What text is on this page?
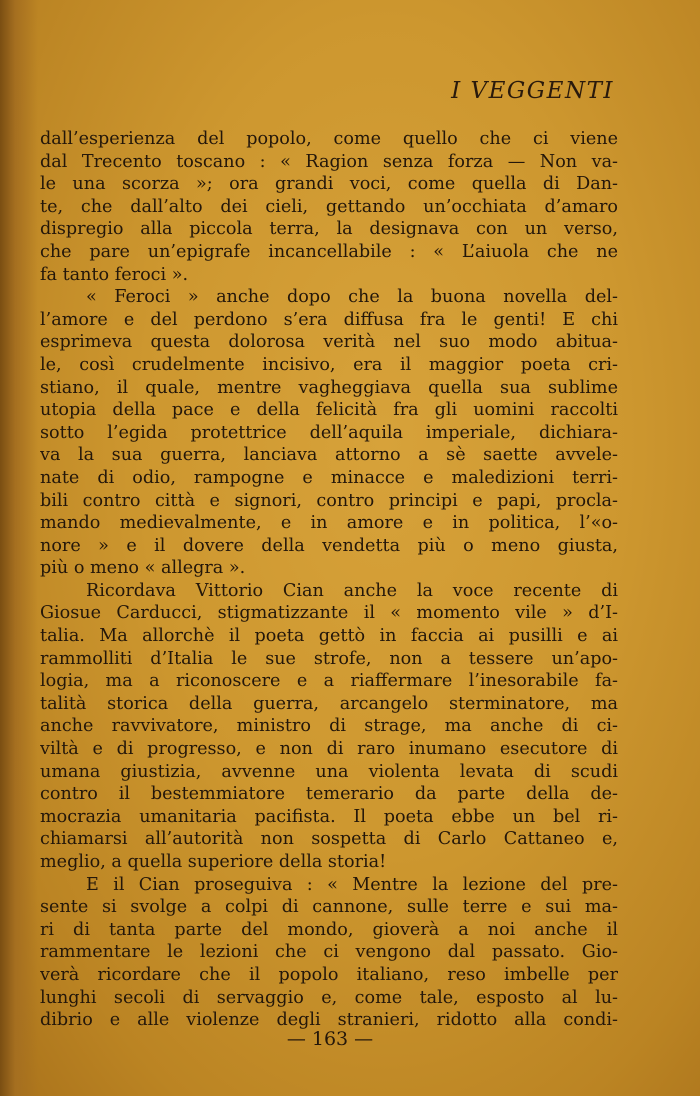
I VEGGENTI
dall’esperienza del popolo, come quello che ci viene
dal Trecento toscano : « Ragion senza forza — Non va-
le una scorza »; ora grandi voci, come quella di Dan-
te, che dall’alto dei cieli, gettando un’occhiata d’amaro
dispregio alla piccola terra, la designava con un verso,
che pare un’epigrafe incancellabile : « L’aiuola che ne
fa tanto feroci ».
« Feroci » anche dopo che la buona novella del-
l’amore e del perdono s’era diffusa fra le genti! E chi
esprimeva questa dolorosa verità nel suo modo abitua-
le, così crudelmente incisivo, era il maggior poeta cri-
stiano, il quale, mentre vagheggiava quella sua sublime
utopia della pace e della felicità fra gli uomini raccolti
sotto l’egida protettrice dell’aquila imperiale, dichiara-
va la sua guerra, lanciava attorno a sè saette avvele-
nate di odio, rampogne e minacce e maledizioni terri-
bili contro città e signori, contro principi e papi, procla-
mando medievalmente, e in amore e in politica, l’«o-
nore » e il dovere della vendetta più o meno giusta,
più o meno « allegra ».
Ricordava Vittorio Cian anche la voce recente di
Giosue Carducci, stigmatizzante il « momento vile » d’I-
talia. Ma allorchè il poeta gettò in faccia ai pusilli e ai
rammolliti d’Italia le sue strofe, non a tessere un’apo-
logia, ma a riconoscere e a riaffermare l’inesorabile fa-
talità storica della guerra, arcangelo sterminatore, ma
anche ravvivatore, ministro di strage, ma anche di ci-
viltà e di progresso, e non di raro inumano esecutore di
umana giustizia, avvenne una violenta levata di scudi
contro il bestemmiatore temerario da parte della de-
mocrazia umanitaria pacifista. Il poeta ebbe un bel ri-
chiamarsi all’autorità non sospetta di Carlo Cattaneo e,
meglio, a quella superiore della storia!
E il Cian proseguiva : « Mentre la lezione del pre-
sente si svolge a colpi di cannone, sulle terre e sui ma-
ri di tanta parte del mondo, gioverà a noi anche il
rammentare le lezioni che ci vengono dal passato. Gio-
verà ricordare che il popolo italiano, reso imbelle per
lunghi secoli di servaggio e, come tale, esposto al lu-
dibrio e alle violenze degli stranieri, ridotto alla condi-
— 163 —
